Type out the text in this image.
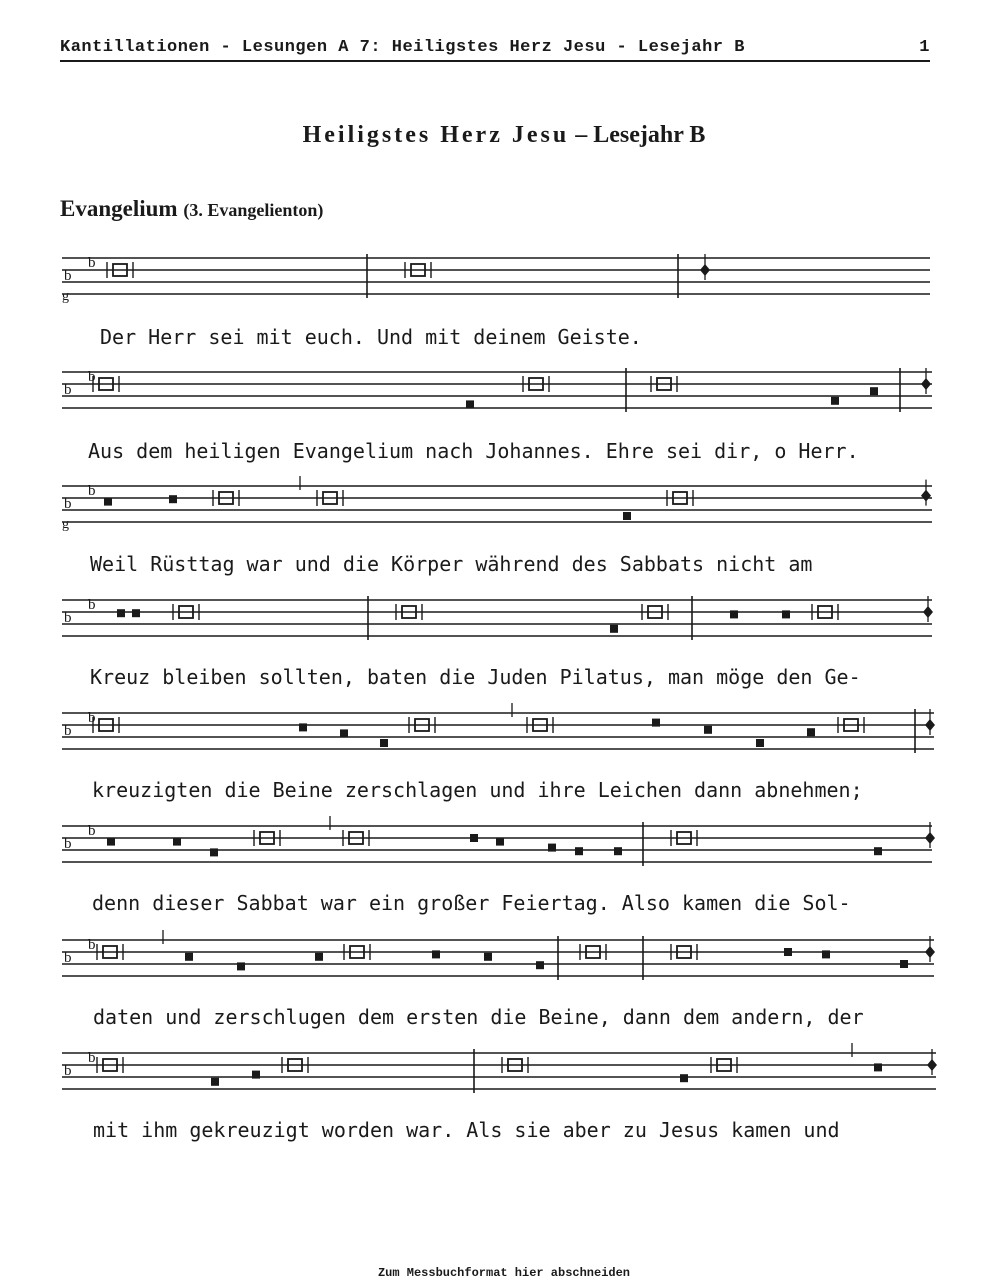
Kantillationen - Lesungen A 7: Heiligstes Herz Jesu - Lesejahr B	1
Heiligstes Herz Jesu – Lesejahr B
Evangelium (3. Evangelienton)
b
b
g
b
b
b
b
g
b
b
b
b
b
b
b
b
b
b
Der Herr sei mit euch. Und mit deinem Geiste.
Aus dem heiligen Evangelium nach Johannes. Ehre sei dir, o Herr.
Weil Rüsttag war und die Körper während des Sabbats nicht am
Kreuz bleiben sollten, baten die Juden Pilatus, man möge den Ge-
kreuzigten die Beine zerschlagen und ihre Leichen dann abnehmen;
denn dieser Sabbat war ein großer Feiertag. Also kamen die Sol-
daten und zerschlugen dem ersten die Beine, dann dem andern, der
mit ihm gekreuzigt worden war. Als sie aber zu Jesus kamen und
Zum Messbuchformat hier abschneiden
